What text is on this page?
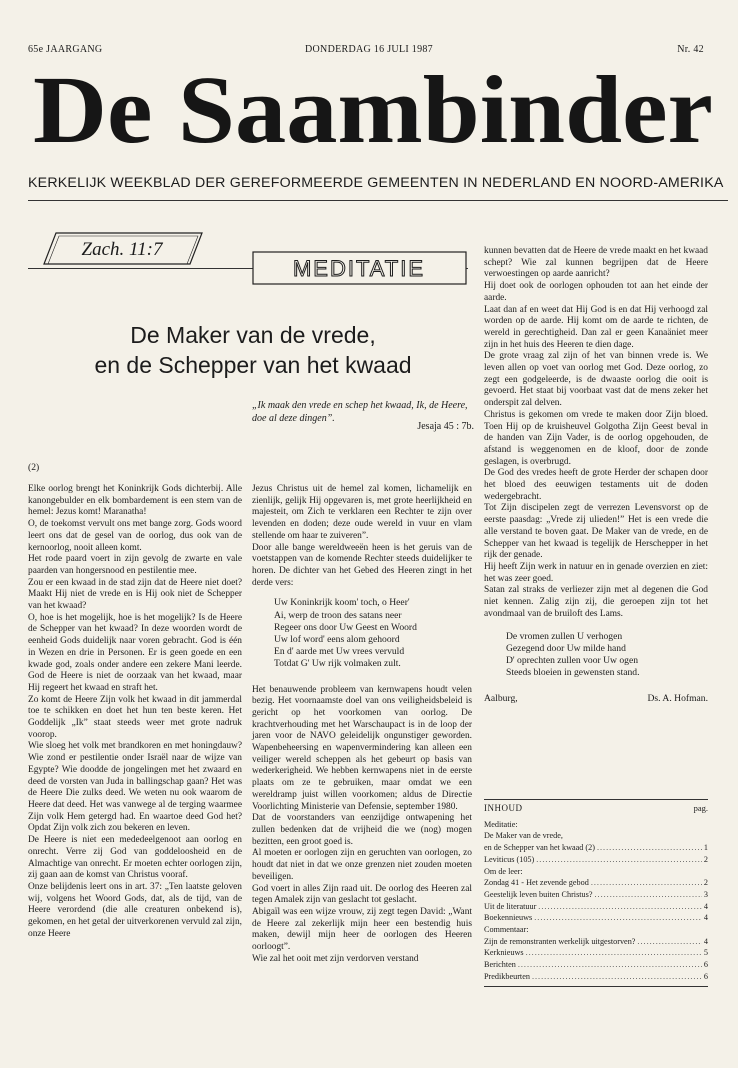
65e JAARGANG	DONDERDAG 16 JULI 1987	Nr. 42
De Saambinder
KERKELIJK WEEKBLAD DER GEREFORMEERDE GEMEENTEN IN NEDERLAND EN NOORD-AMERIKA
Zach. 11:7
MEDITATIE
De Maker van de vrede,
en de Schepper van het kwaad
„Ik maak den vrede en schep het kwaad, Ik, de Heere, doe al deze dingen”.
Jesaja 45 : 7b.
(2)

Elke oorlog brengt het Koninkrijk Gods dichterbij. Alle kanongebulder en elk bombardement is een stem van de hemel: Jezus komt! Maranatha!

O, de toekomst vervult ons met bange zorg. Gods woord leert ons dat de gesel van de oorlog, dus ook van de kernoorlog, nooit alleen komt.

Het rode paard voert in zijn gevolg de zwarte en vale paarden van hongersnood en pestilentie mee.

Zou er een kwaad in de stad zijn dat de Heere niet doet? Maakt Hij niet de vrede en is Hij ook niet de Schepper van het kwaad?

O, hoe is het mogelijk, hoe is het mogelijk? Is de Heere de Schepper van het kwaad? In deze woorden wordt de eenheid Gods duidelijk naar voren gebracht. God is één in Wezen en drie in Personen. Er is geen goede en een kwade god, zoals onder andere een zekere Mani leerde. God de Heere is niet de oorzaak van het kwaad, maar Hij regeert het kwaad en straft het.

Zo komt de Heere Zijn volk het kwaad in dit jammerdal toe te schikken en doet het hun ten beste keren. Het Goddelijk „Ik” staat steeds weer met grote nadruk voorop.

Wie sloeg het volk met brandkoren en met honingdauw? Wie zond er pestilentie onder Israël naar de wijze van Egypte? Wie doodde de jongelingen met het zwaard en deed de vorsten van Juda in ballingschap gaan? Het was de Heere Die zulks deed. We weten nu ook waarom de Heere dat deed. Het was vanwege al de terging waarmee Zijn volk Hem getergd had. En waartoe deed God het? Opdat Zijn volk zich zou bekeren en leven.

De Heere is niet een mededeelgenoot aan oorlog en onrecht. Verre zij God van goddeloosheid en de Almachtige van onrecht. Er moeten echter oorlogen zijn, zij gaan aan de komst van Christus vooraf.

Onze belijdenis leert ons in art. 37: „Ten laatste geloven wij, volgens het Woord Gods, dat, als de tijd, van de Heere verordend (die alle creaturen onbekend is), gekomen, en het getal der uitverkorenen vervuld zal zijn, onze Heere

Jezus Christus uit de hemel zal komen, lichamelijk en zienlijk, gelijk Hij opgevaren is, met grote heerlijkheid en majesteit, om Zich te verklaren een Rechter te zijn over levenden en doden; deze oude wereld in vuur en vlam stellende om haar te zuiveren”.

Door alle bange wereldweeën heen is het geruis van de voetstappen van de komende Rechter steeds duidelijker te horen. De dichter van het Gebed des Heeren zingt in het derde vers:

Uw Koninkrijk koom' toch, o Heer'
Ai, werp de troon des satans neer
Regeer ons door Uw Geest en Woord
Uw lof word' eens alom gehoord
En d' aarde met Uw vrees vervuld
Totdat G' Uw rijk volmaken zult.

Het benauwende probleem van kernwapens houdt velen bezig. Het voornaamste doel van ons veiligheidsbeleid is gericht op het voorkomen van oorlog. De krachtverhouding met het Warschaupact is in de loop der jaren voor de NAVO geleidelijk ongunstiger geworden. Wapenbeheersing en wapenvermindering kan alleen een veiliger wereld scheppen als het gebeurt op basis van wederkerigheid. We hebben kernwapens niet in de eerste plaats om ze te gebruiken, maar omdat we een wereldramp juist willen voorkomen; aldus de Directie Voorlichting Ministerie van Defensie, september 1980.

Dat de voorstanders van eenzijdige ontwapening het zullen bedenken dat de vrijheid die we (nog) mogen bezitten, een groot goed is.

Al moeten er oorlogen zijn en geruchten van oorlogen, zo houdt dat niet in dat we onze grenzen niet zouden moeten beveiligen.

God voert in alles Zijn raad uit. De oorlog des Heeren zal tegen Amalek zijn van geslacht tot geslacht.

Abigaïl was een wijze vrouw, zij zegt tegen David: „Want de Heere zal zekerlijk mijn heer een bestendig huis maken, dewijl mijn heer de oorlogen des Heeren oorloogt”.

Wie zal het ooit met zijn verdorven verstand

kunnen bevatten dat de Heere de vrede maakt en het kwaad schept? Wie zal kunnen begrijpen dat de Heere verwoestingen op aarde aanricht?

Hij doet ook de oorlogen ophouden tot aan het einde der aarde.

Laat dan af en weet dat Hij God is en dat Hij verhoogd zal worden op de aarde. Hij komt om de aarde te richten, de wereld in gerechtigheid. Dan zal er geen Kanaäniet meer zijn in het huis des Heeren te dien dage.

De grote vraag zal zijn of het van binnen vrede is. We leven allen op voet van oorlog met God. Deze oorlog, zo zegt een godgeleerde, is de dwaaste oorlog die ooit is gevoerd. Het staat bij voorbaat vast dat de mens zeker het onderspit zal delven.

Christus is gekomen om vrede te maken door Zijn bloed. Toen Hij op de kruisheuvel Golgotha Zijn Geest beval in de handen van Zijn Vader, is de oorlog opgehouden, de afstand is weggenomen en de kloof, door de zonde geslagen, is overbrugd.

De God des vredes heeft de grote Herder der schapen door het bloed des eeuwigen testaments uit de doden wedergebracht.

Tot Zijn discipelen zegt de verrezen Levensvorst op de eerste paasdag: „Vrede zij ulieden!” Het is een vrede die alle verstand te boven gaat. De Maker van de vrede, en de Schepper van het kwaad is tegelijk de Herschepper in het rijk der genade.

Hij heeft Zijn werk in natuur en in genade overzien en ziet: het was zeer goed.

Satan zal straks de verliezer zijn met al degenen die God niet kennen. Zalig zijn zij, die geroepen zijn tot het avondmaal van de bruiloft des Lams.

De vromen zullen U verhogen
Gezegend door Uw milde hand
D' oprechten zullen voor Uw ogen
Steeds bloeien in gewensten stand.
Aalburg,	Ds. A. Hofman.
INHOUD	pag.
Meditatie:
De Maker van de vrede,
en de Schepper van het kwaad (2) .....	1
Leviticus (105) .....	2
Om de leer:
Zondag 41 - Het zevende gebod .....	2
Geestelijk leven buiten Christus? .....	3
Uit de literatuur .....	4
Boekennieuws .....	4
Commentaar:
Zijn de remonstranten werkelijk uitgestorven? .....	4
Kerknieuws .....	5
Berichten .....	6
Predikbeurten .....	6
